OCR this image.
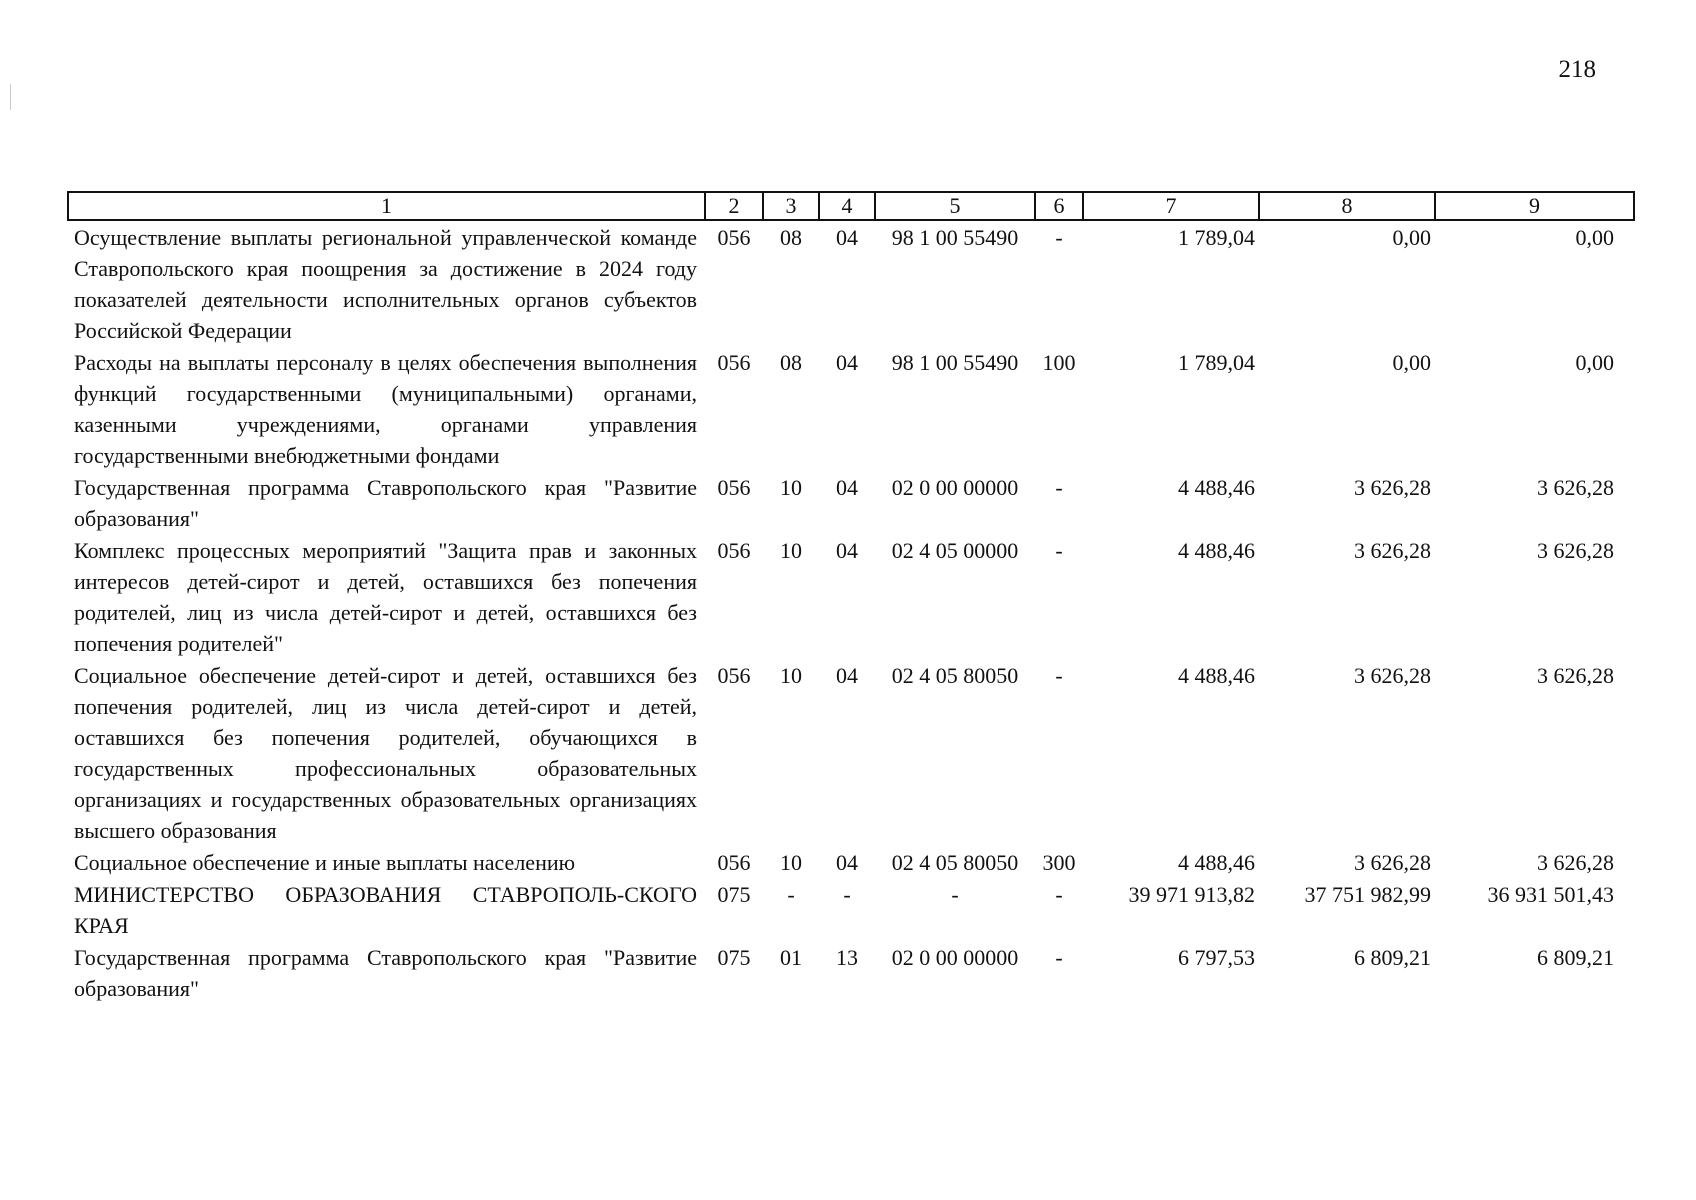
218
1	2	3	4	5	6	7	8	9
Осуществление выплаты региональной управленческой команде Ставропольского края поощрения за достижение в 2024 году показателей деятельности исполнительных органов субъектов Российской Федерации	056	08	04	98 1 00 55490	-	1 789,04	0,00	0,00
Расходы на выплаты персоналу в целях обеспечения выполнения функций государственными (муниципальными) органами, казенными учреждениями, органами управления государственными внебюджетными фондами	056	08	04	98 1 00 55490	100	1 789,04	0,00	0,00
Государственная программа Ставропольского края "Развитие образования"	056	10	04	02 0 00 00000	-	4 488,46	3 626,28	3 626,28
Комплекс процессных мероприятий "Защита прав и законных интересов детей-сирот и детей, оставшихся без попечения родителей, лиц из числа детей-сирот и детей, оставшихся без попечения родителей"	056	10	04	02 4 05 00000	-	4 488,46	3 626,28	3 626,28
Социальное обеспечение детей-сирот и детей, оставшихся без попечения родителей, лиц из числа детей-сирот и детей, оставшихся без попечения родителей, обучающихся в государственных профессиональных образовательных организациях и государственных образовательных организациях высшего образования	056	10	04	02 4 05 80050	-	4 488,46	3 626,28	3 626,28
Социальное обеспечение и иные выплаты населению	056	10	04	02 4 05 80050	300	4 488,46	3 626,28	3 626,28
МИНИСТЕРСТВО ОБРАЗОВАНИЯ СТАВРОПОЛЬ-СКОГО КРАЯ	075	-	-	-	-	39 971 913,82	37 751 982,99	36 931 501,43
Государственная программа Ставропольского края "Развитие образования"	075	01	13	02 0 00 00000	-	6 797,53	6 809,21	6 809,21
